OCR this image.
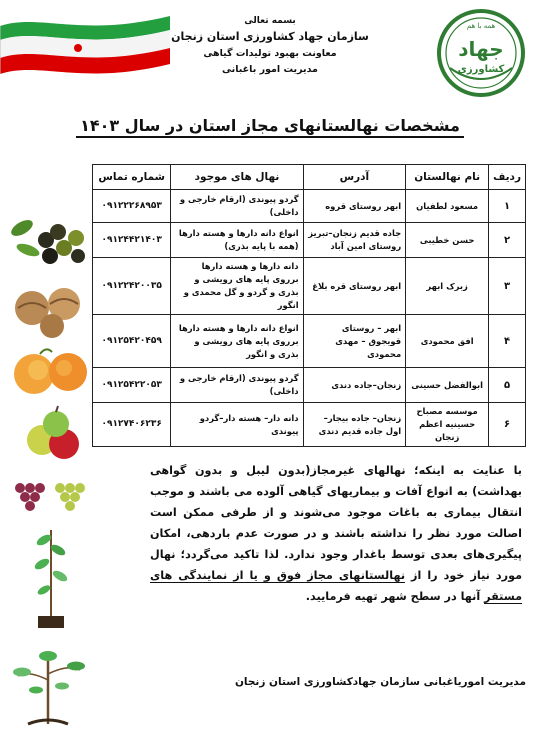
همه با هم
جهاد
کشاورزی
بسمه تعالی
سازمان جهاد کشاورزی استان زنجان
معاونت بهبود تولیدات گیاهی
مدیریت امور باغبانی
مشخصات نهالستانهای مجاز استان در سال ۱۴۰۳
ردیف	نام نهالستان	آدرس	نهال های موجود	شماره تماس
۱	مسعود لطفیان	ابهر روستای قروه	گردو پیوندی (ارقام خارجی و داخلی)	۰۹۱۲۲۲۶۸۹۵۳
۲	حسن خطیبی	جاده قدیم زنجان–تبریز روستای امین آباد	انواع دانه دارها و هسته دارها (همه با پایه بذری)	۰۹۱۲۴۴۲۱۴۰۳
۳	زبرک ابهر	ابهر روستای قره بلاغ	دانه دارها و هسته دارها برروی پایه های رویشی و بذری و گردو و گل محمدی و انگور	۰۹۱۲۲۴۲۰۰۳۵
۴	افق محمودی	ابهر – روستای قویجوق – مهدی محمودی	انواع دانه دارها و هسته دارها برروی پایه های رویشی و بذری و انگور	۰۹۱۲۵۴۲۰۴۵۹
۵	ابوالفضل حسینی	زنجان–جاده دندی	گردو پیوندی (ارقام خارجی و داخلی)	۰۹۱۲۵۴۲۲۰۵۳
۶	موسسه مصباح حسینیه اعظم زنجان	زنجان– جاده بیجار– اول جاده قدیم دندی	دانه دار– هسته دار–گردو پیوندی	۰۹۱۲۷۴۰۶۲۳۶
با عنایت به اینکه؛ نهالهای غیرمجاز(بدون لیبل و بدون گواهی بهداشت) به انواع آفات و بیماریهای گیاهی آلوده می باشند و موجب انتقال بیماری به باغات موجود می‌شوند و از طرفی ممکن است اصالت مورد نظر را نداشته باشند و در صورت عدم باردهی، امکان پیگیری‌های بعدی توسط باغدار وجود ندارد. لذا تاکید می‌گردد؛ نهال مورد نیاز خود را از نهالستانهای مجاز فوق و یا از نمایندگی های مستقر آنها در سطح شهر تهیه فرمایید.
مدیریت اموریاغبانی سازمان جهادکشاورزی استان زنجان
